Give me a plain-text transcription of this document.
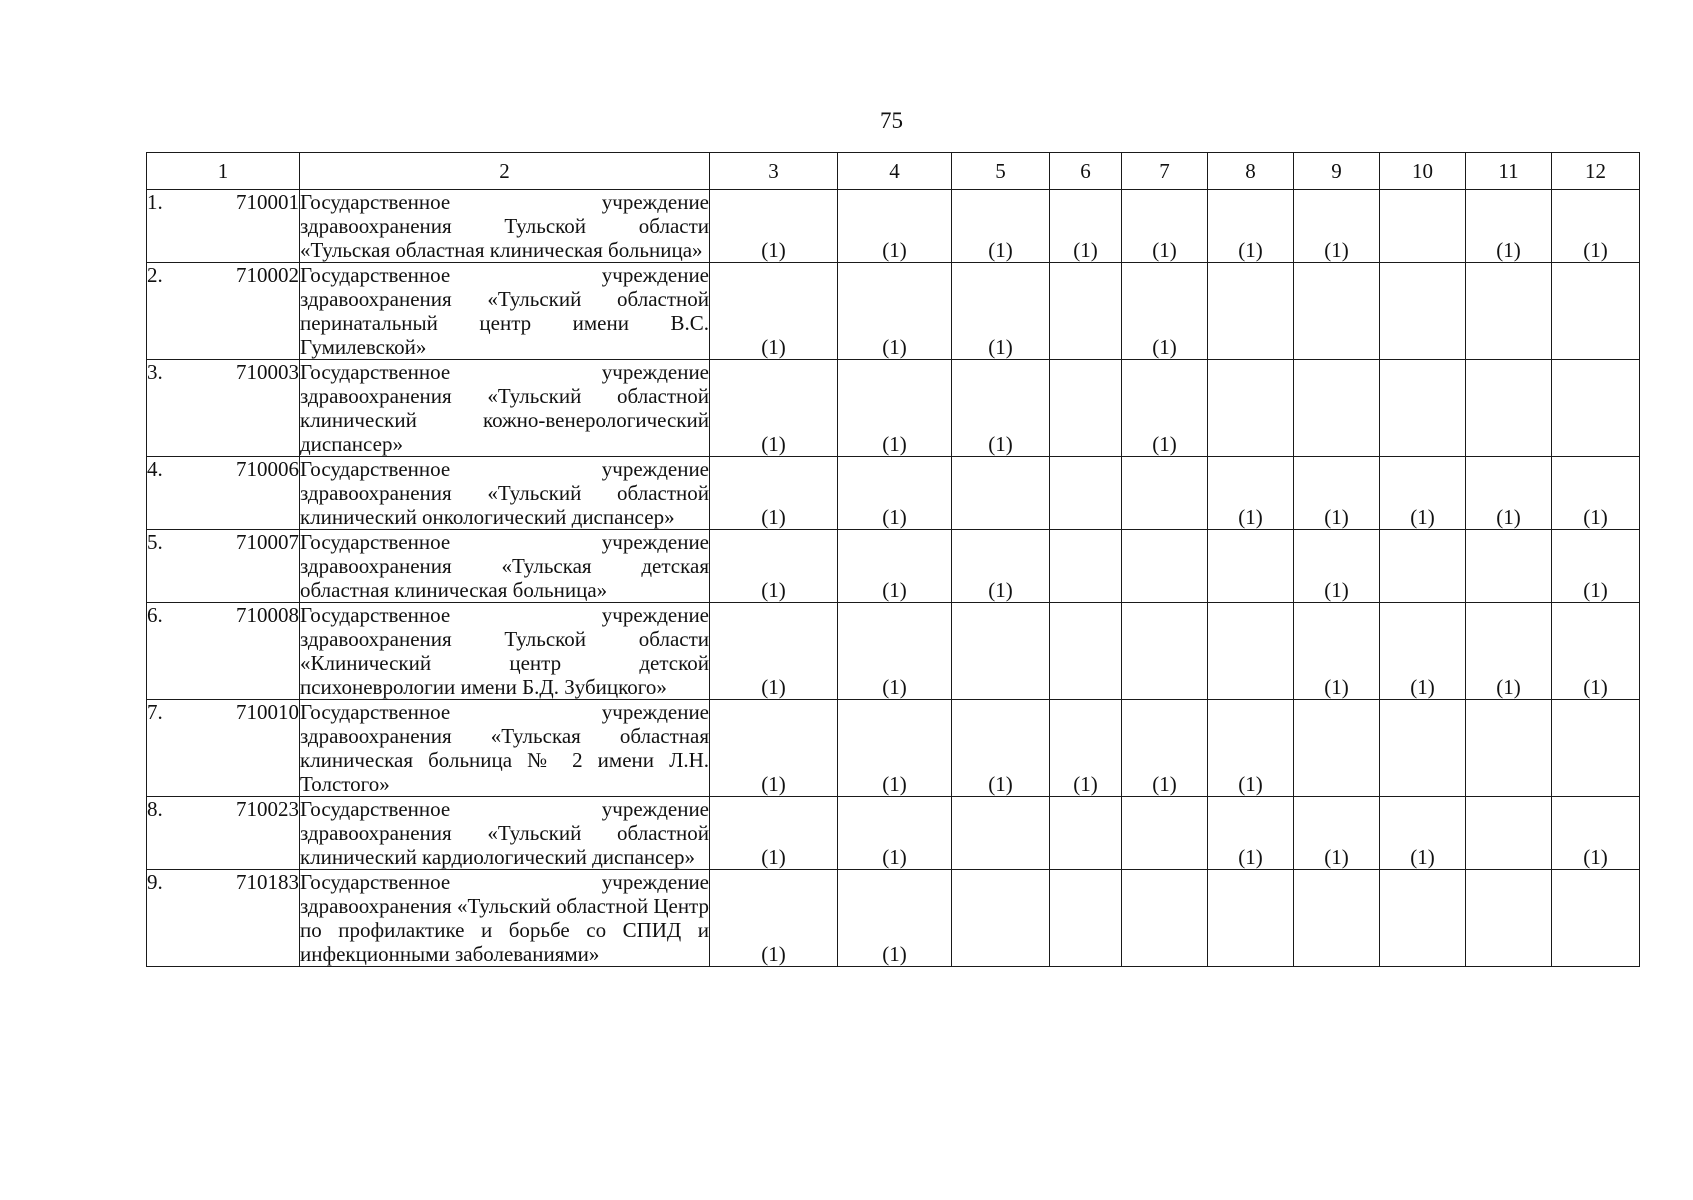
75
1	2	3	4	5	6	7	8	9	10	11	12

1. 710001	Государственное учреждение здравоохранения Тульской области «Тульская областная клиническая больница»	(1)	(1)	(1)	(1)	(1)	(1)	(1)		(1)	(1)

2. 710002	Государственное учреждение здравоохранения «Тульский областной перинатальный центр имени В.С. Гумилевской»	(1)	(1)	(1)		(1)					

3. 710003	Государственное учреждение здравоохранения «Тульский областной клинический кожно-венерологический диспансер»	(1)	(1)	(1)		(1)					

4. 710006	Государственное учреждение здравоохранения «Тульский областной клинический онкологический диспансер»	(1)	(1)				(1)	(1)	(1)	(1)	(1)

5. 710007	Государственное учреждение здравоохранения «Тульская детская областная клиническая больница»	(1)	(1)	(1)				(1)			(1)

6. 710008	Государственное учреждение здравоохранения Тульской области «Клинический центр детской психоневрологии имени Б.Д. Зубицкого»	(1)	(1)					(1)	(1)	(1)	(1)

7. 710010	Государственное учреждение здравоохранения «Тульская областная клиническая больница № 2 имени Л.Н. Толстого»	(1)	(1)	(1)	(1)	(1)	(1)				

8. 710023	Государственное учреждение здравоохранения «Тульский областной клинический кардиологический диспансер»	(1)	(1)				(1)	(1)	(1)		(1)

9. 710183	Государственное учреждение здравоохранения «Тульский областной Центр по профилактике и борьбе со СПИД и инфекционными заболеваниями»	(1)	(1)								
